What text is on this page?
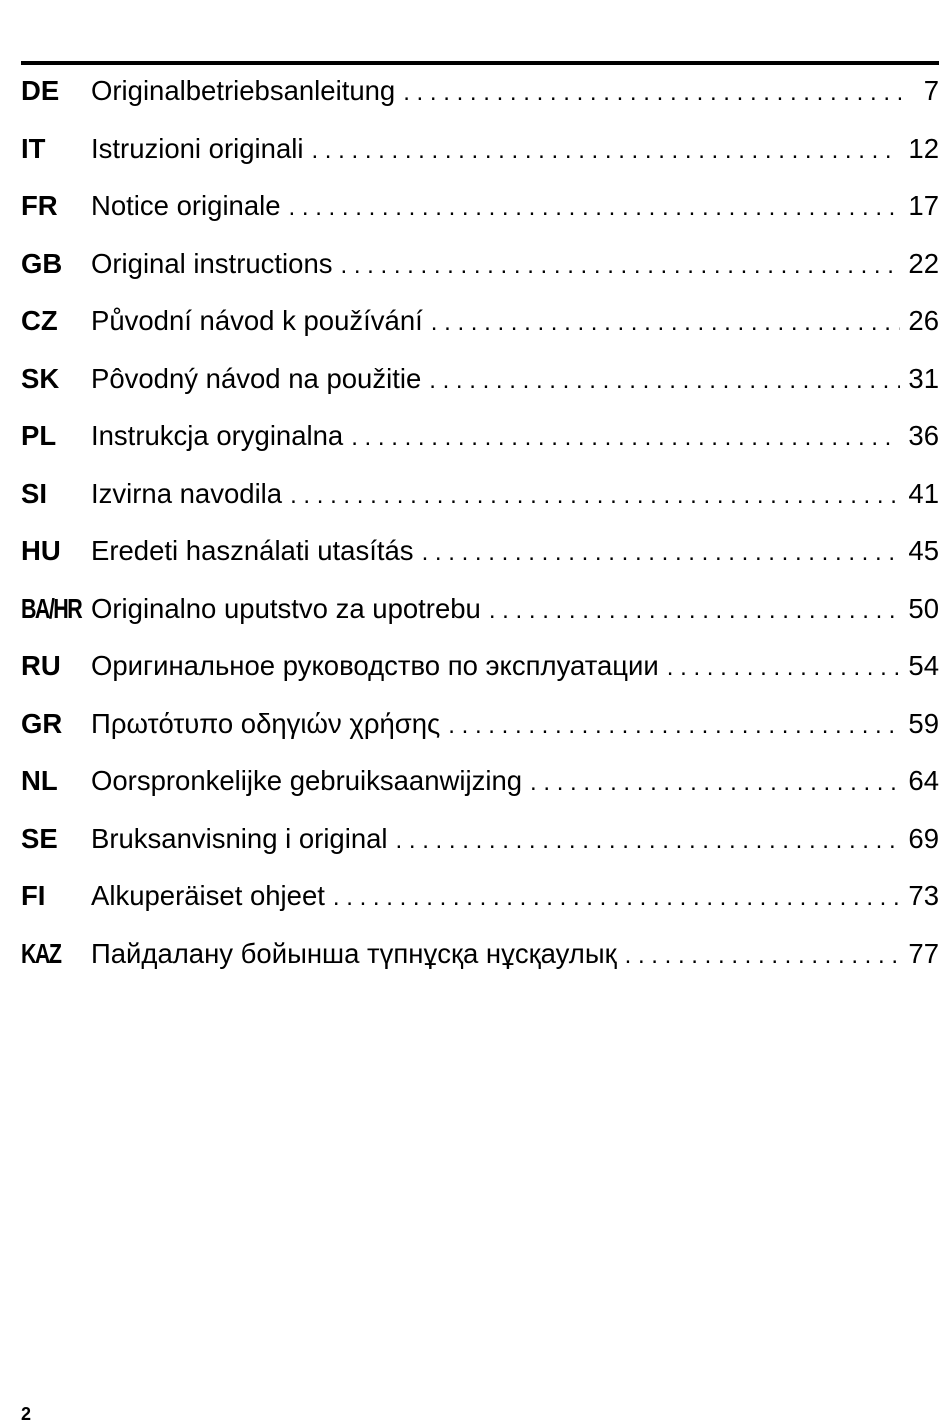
DE	Originalbetriebsanleitung . . .	7
IT	Istruzioni originali . . .	12
FR	Notice originale . . .	17
GB	Original instructions . . .	22
CZ	Původní návod k používání . . .	26
SK	Pôvodný návod na použitie . . .	31
PL	Instrukcja oryginalna . . .	36
SI	Izvirna navodila . . .	41
HU	Eredeti használati utasítás . . .	45
BA/HR Originalno uputstvo za upotrebu . . .	50
RU	Оригинальное руководство по эксплуатации . . .	54
GR	Πρωτότυπο οδηγιών χρήσης . . .	59
NL	Oorspronkelijke gebruiksaanwijzing . . .	64
SE	Bruksanvisning i original . . .	69
FI	Alkuperäiset ohjeet . . .	73
KAZ	Пайдалану бойынша түпнұсқа нұсқаулық . . .	77
2
